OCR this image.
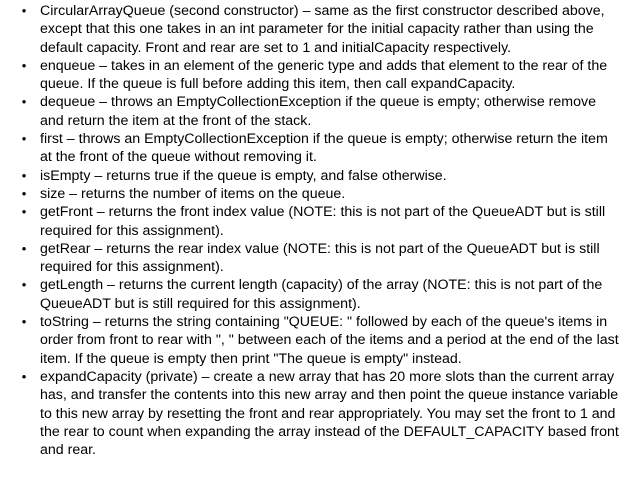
• CircularArrayQueue (second constructor) – same as the first constructor described above, except that this one takes in an int parameter for the initial capacity rather than using the default capacity. Front and rear are set to 1 and initialCapacity respectively.
• enqueue – takes in an element of the generic type and adds that element to the rear of the queue. If the queue is full before adding this item, then call expandCapacity.
• dequeue – throws an EmptyCollectionException if the queue is empty; otherwise remove and return the item at the front of the stack.
• first – throws an EmptyCollectionException if the queue is empty; otherwise return the item at the front of the queue without removing it.
• isEmpty – returns true if the queue is empty, and false otherwise.
• size – returns the number of items on the queue.
• getFront – returns the front index value (NOTE: this is not part of the QueueADT but is still required for this assignment).
• getRear – returns the rear index value (NOTE: this is not part of the QueueADT but is still required for this assignment).
• getLength – returns the current length (capacity) of the array (NOTE: this is not part of the QueueADT but is still required for this assignment).
• toString – returns the string containing "QUEUE: " followed by each of the queue's items in order from front to rear with ", " between each of the items and a period at the end of the last item. If the queue is empty then print "The queue is empty" instead.
• expandCapacity (private) – create a new array that has 20 more slots than the current array has, and transfer the contents into this new array and then point the queue instance variable to this new array by resetting the front and rear appropriately. You may set the front to 1 and the rear to count when expanding the array instead of the DEFAULT_CAPACITY based front and rear.
